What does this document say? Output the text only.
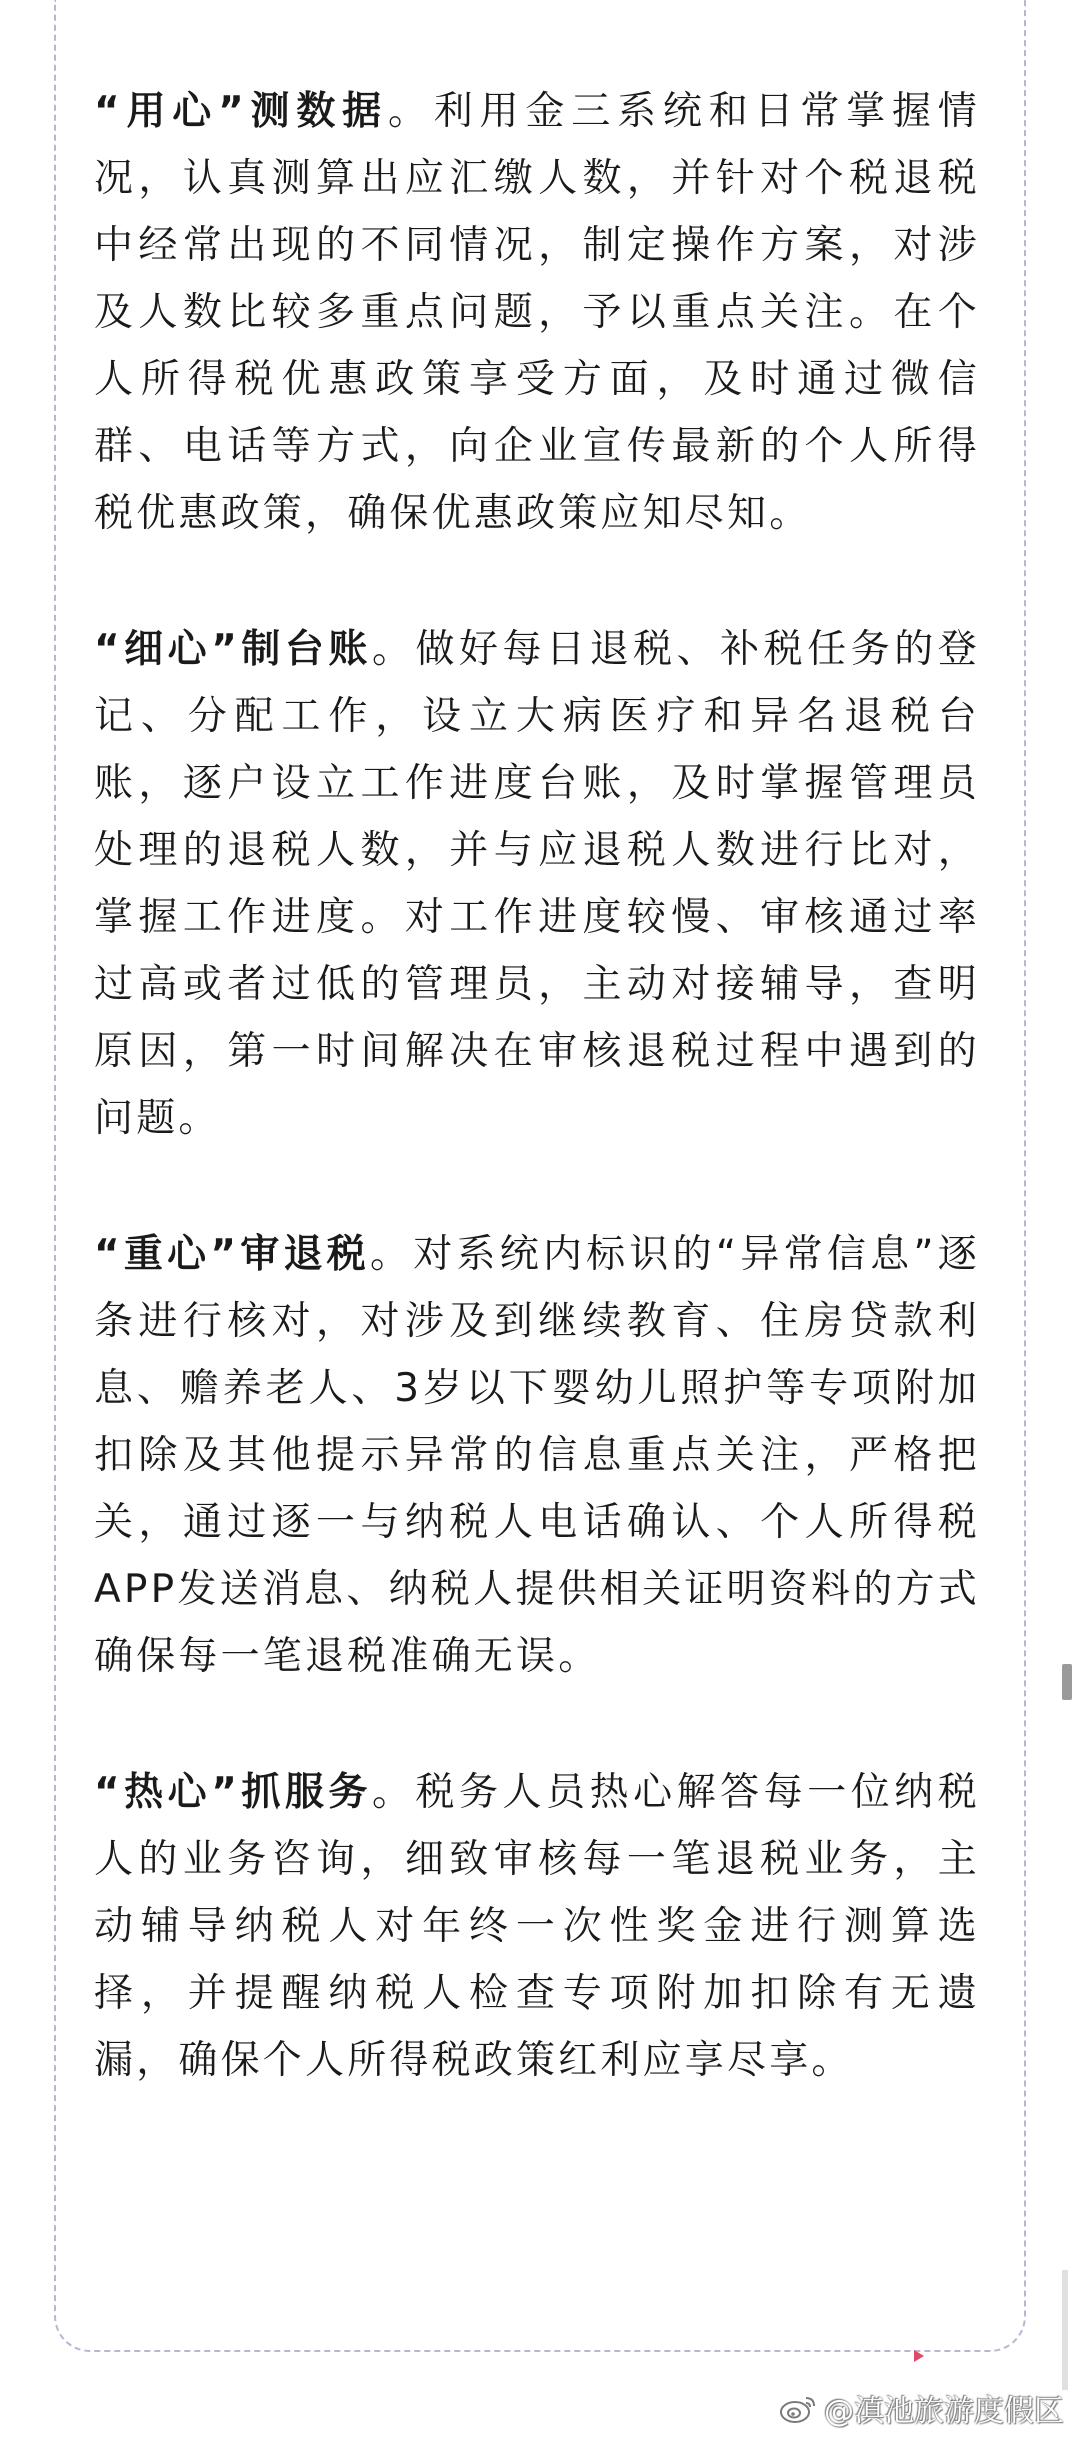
“用心”测数据。利用金三系统和日常掌握情况，认真测算出应汇缴人数，并针对个税退税中经常出现的不同情况，制定操作方案，对涉及人数比较多重点问题，予以重点关注。在个人所得税优惠政策享受方面，及时通过微信群、电话等方式，向企业宣传最新的个人所得税优惠政策，确保优惠政策应知尽知。

“细心”制台账。做好每日退税、补税任务的登记、分配工作，设立大病医疗和异名退税台账，逐户设立工作进度台账，及时掌握管理员处理的退税人数，并与应退税人数进行比对，掌握工作进度。对工作进度较慢、审核通过率过高或者过低的管理员，主动对接辅导，查明原因，第一时间解决在审核退税过程中遇到的问题。

“重心”审退税。对系统内标识的“异常信息”逐条进行核对，对涉及到继续教育、住房贷款利息、赡养老人、3岁以下婴幼儿照护等专项附加扣除及其他提示异常的信息重点关注，严格把关，通过逐一与纳税人电话确认、个人所得税APP发送消息、纳税人提供相关证明资料的方式确保每一笔退税准确无误。

“热心”抓服务。税务人员热心解答每一位纳税人的业务咨询，细致审核每一笔退税业务，主动辅导纳税人对年终一次性奖金进行测算选择，并提醒纳税人检查专项附加扣除有无遗漏，确保个人所得税政策红利应享尽享。

@滇池旅游度假区
